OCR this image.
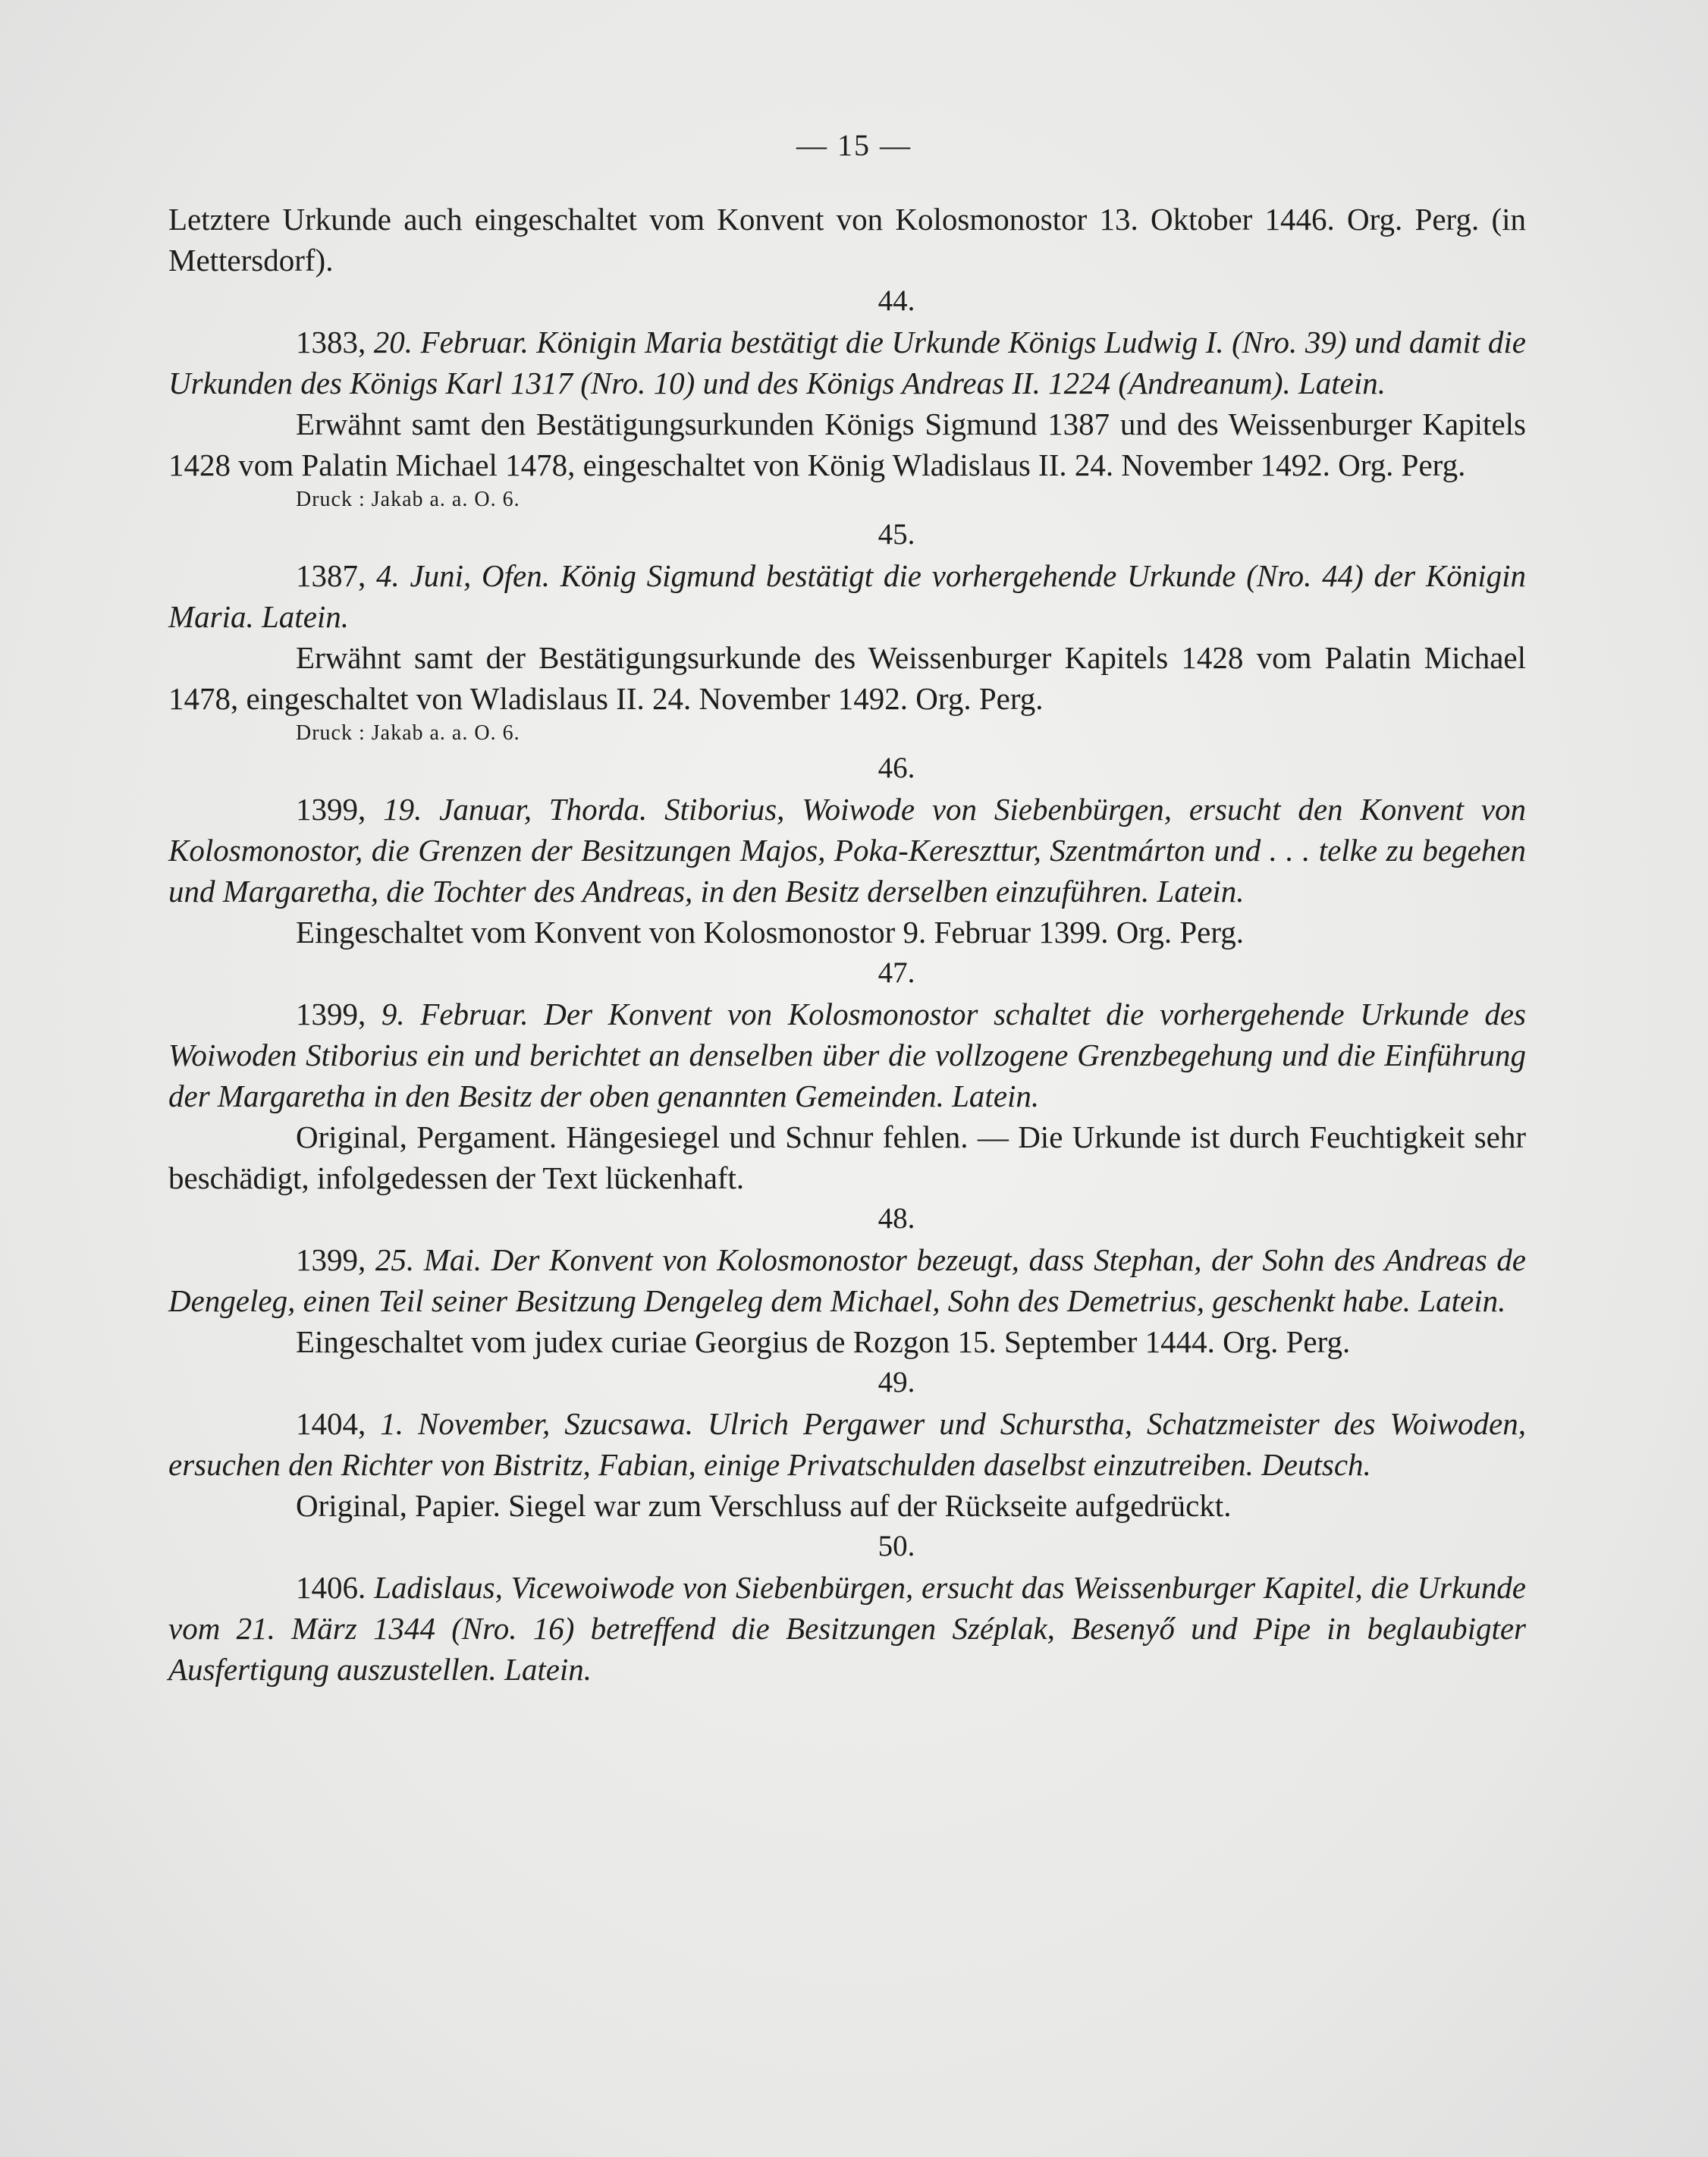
— 15 —

Letztere Urkunde auch eingeschaltet vom Konvent von Kolosmonostor 13. Oktober 1446. Org. Perg. (in Mettersdorf).

44.

1383, 20. Februar. Königin Maria bestätigt die Urkunde Königs Ludwig I. (Nro. 39) und damit die Urkunden des Königs Karl 1317 (Nro. 10) und des Königs Andreas II. 1224 (Andreanum). Latein.

Erwähnt samt den Bestätigungsurkunden Königs Sigmund 1387 und des Weissenburger Kapitels 1428 vom Palatin Michael 1478, eingeschaltet von König Wladislaus II. 24. November 1492. Org. Perg.

Druck : Jakab a. a. O. 6.

45.

1387, 4. Juni, Ofen. König Sigmund bestätigt die vorhergehende Urkunde (Nro. 44) der Königin Maria. Latein.

Erwähnt samt der Bestätigungsurkunde des Weissenburger Kapitels 1428 vom Palatin Michael 1478, eingeschaltet von Wladislaus II. 24. November 1492. Org. Perg.

Druck : Jakab a. a. O. 6.

46.

1399, 19. Januar, Thorda. Stiborius, Woiwode von Siebenbürgen, ersucht den Konvent von Kolosmonostor, die Grenzen der Besitzungen Majos, Poka-Kereszttur, Szentmárton und . . . telke zu begehen und Margaretha, die Tochter des Andreas, in den Besitz derselben einzuführen. Latein.

Eingeschaltet vom Konvent von Kolosmonostor 9. Februar 1399. Org. Perg.

47.

1399, 9. Februar. Der Konvent von Kolosmonostor schaltet die vorhergehende Urkunde des Woiwoden Stiborius ein und berichtet an denselben über die vollzogene Grenzbegehung und die Einführung der Margaretha in den Besitz der oben genannten Gemeinden. Latein.

Original, Pergament. Hängesiegel und Schnur fehlen. — Die Urkunde ist durch Feuchtigkeit sehr beschädigt, infolgedessen der Text lückenhaft.

48.

1399, 25. Mai. Der Konvent von Kolosmonostor bezeugt, dass Stephan, der Sohn des Andreas de Dengeleg, einen Teil seiner Besitzung Dengeleg dem Michael, Sohn des Demetrius, geschenkt habe. Latein.

Eingeschaltet vom judex curiae Georgius de Rozgon 15. September 1444. Org. Perg.

49.

1404, 1. November, Szucsawa. Ulrich Pergawer und Schurstha, Schatzmeister des Woiwoden, ersuchen den Richter von Bistritz, Fabian, einige Privatschulden daselbst einzutreiben. Deutsch.

Original, Papier. Siegel war zum Verschluss auf der Rückseite aufgedrückt.

50.

1406. Ladislaus, Vicewoiwode von Siebenbürgen, ersucht das Weissenburger Kapitel, die Urkunde vom 21. März 1344 (Nro. 16) betreffend die Besitzungen Széplak, Besenyő und Pipe in beglaubigter Ausfertigung auszustellen. Latein.
